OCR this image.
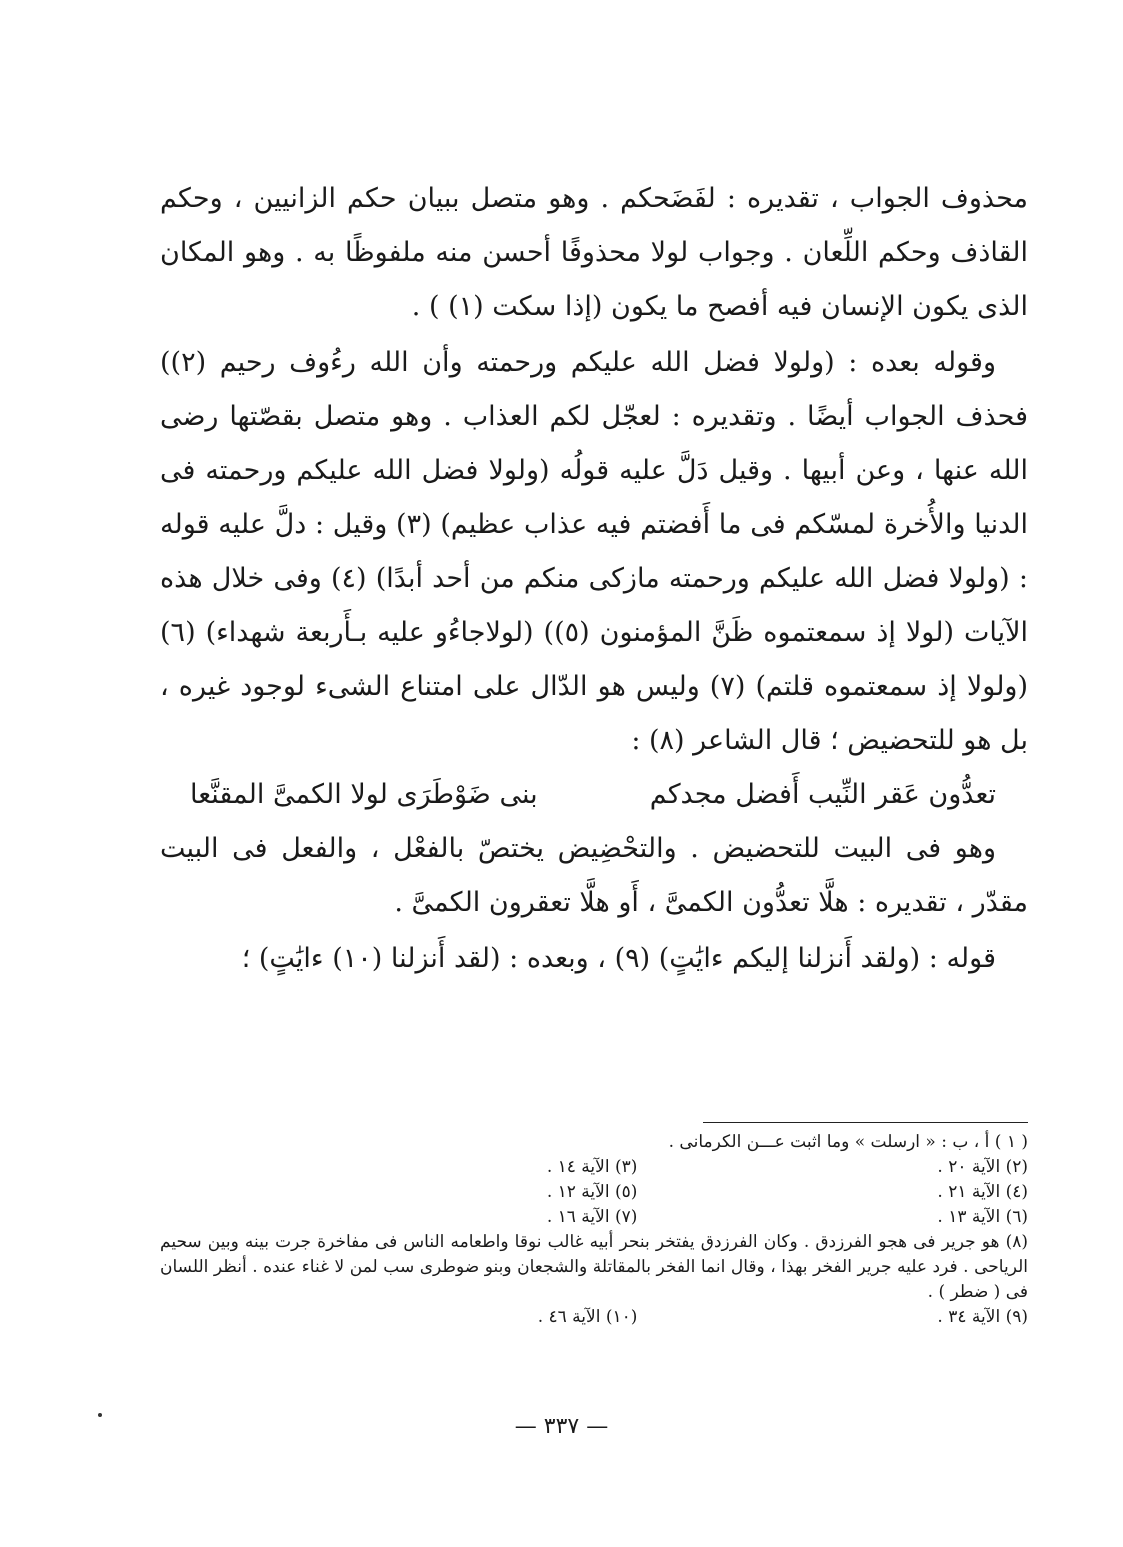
محذوف الجواب ، تقديره : لفَضَحكم . وهو متصل ببيان حكم الزانيين ، وحكم القاذف وحكم اللِّعان . وجواب لولا محذوفًا أحسن منه ملفوظًا به . وهو المكان الذى يكون الإنسان فيه أفصح ما يكون (إذا سكت (١) ) .

وقوله بعده : (ولولا فضل الله عليكم ورحمته وأن الله رءُوف رحيم (٢)) فحذف الجواب أيضًا . وتقديره : لعجّل لكم العذاب . وهو متصل بقصّتها رضى الله عنها ، وعن أبيها . وقيل دَلَّ عليه قولُه (ولولا فضل الله عليكم ورحمته فى الدنيا والأُخرة لمسّكم فى ما أَفضتم فيه عذاب عظيم) (٣) وقيل : دلَّ عليه قوله : (ولولا فضل الله عليكم ورحمته مازكى منكم من أحد أبدًا) (٤) وفى خلال هذه الآيات (لولا إذ سمعتموه ظَنَّ المؤمنون (٥)) (لولاجاءُو عليه بـأَربعة شهداء) (٦) (ولولا إذ سمعتموه قلتم) (٧) وليس هو الدّال على امتناع الشىء لوجود غيره ، بل هو للتحضيض ؛ قال الشاعر (٨) :

تعدُّون عَقر النِّيب أَفضل مجدكم
بنى ضَوْطَرَى لولا الكمىَّ المقنَّعا

وهو فى البيت للتحضيض . والتحْضِيض يختصّ بالفعْل ، والفعل فى البيت مقدّر ، تقديره : هلَّا تعدُّون الكمىَّ ، أَو هلَّا تعقرون الكمىَّ .

قوله : (ولقد أَنزلنا إليكم ءايَٰتٍ) (٩) ، وبعده : (لقد أَنزلنا (١٠) ءايَٰتٍ) ؛

( ١ ) أ ، ب : « ارسلت » وما اثبت عـــن الكرمانى .

(٢) الآية ٢٠ .
(٣) الآية ١٤ .
(٤) الآية ٢١ .
(٥) الآية ١٢ .
(٦) الآية ١٣ .
(٧) الآية ١٦ .

(٨) هو جرير فى هجو الفرزدق . وكان الفرزدق يفتخر بنحر أبيه غالب نوقا واطعامه الناس فى مفاخرة جرت بينه وبين سحيم الرياحى . فرد عليه جرير الفخر بهذا ، وقال انما الفخر بالمقاتلة والشجعان وبنو ضوطرى سب لمن لا غناء عنده . أنظر اللسان فى ( ضطر ) .

(٩) الآية ٣٤ .
(١٠) الآية ٤٦ .
— ٣٣٧ —
